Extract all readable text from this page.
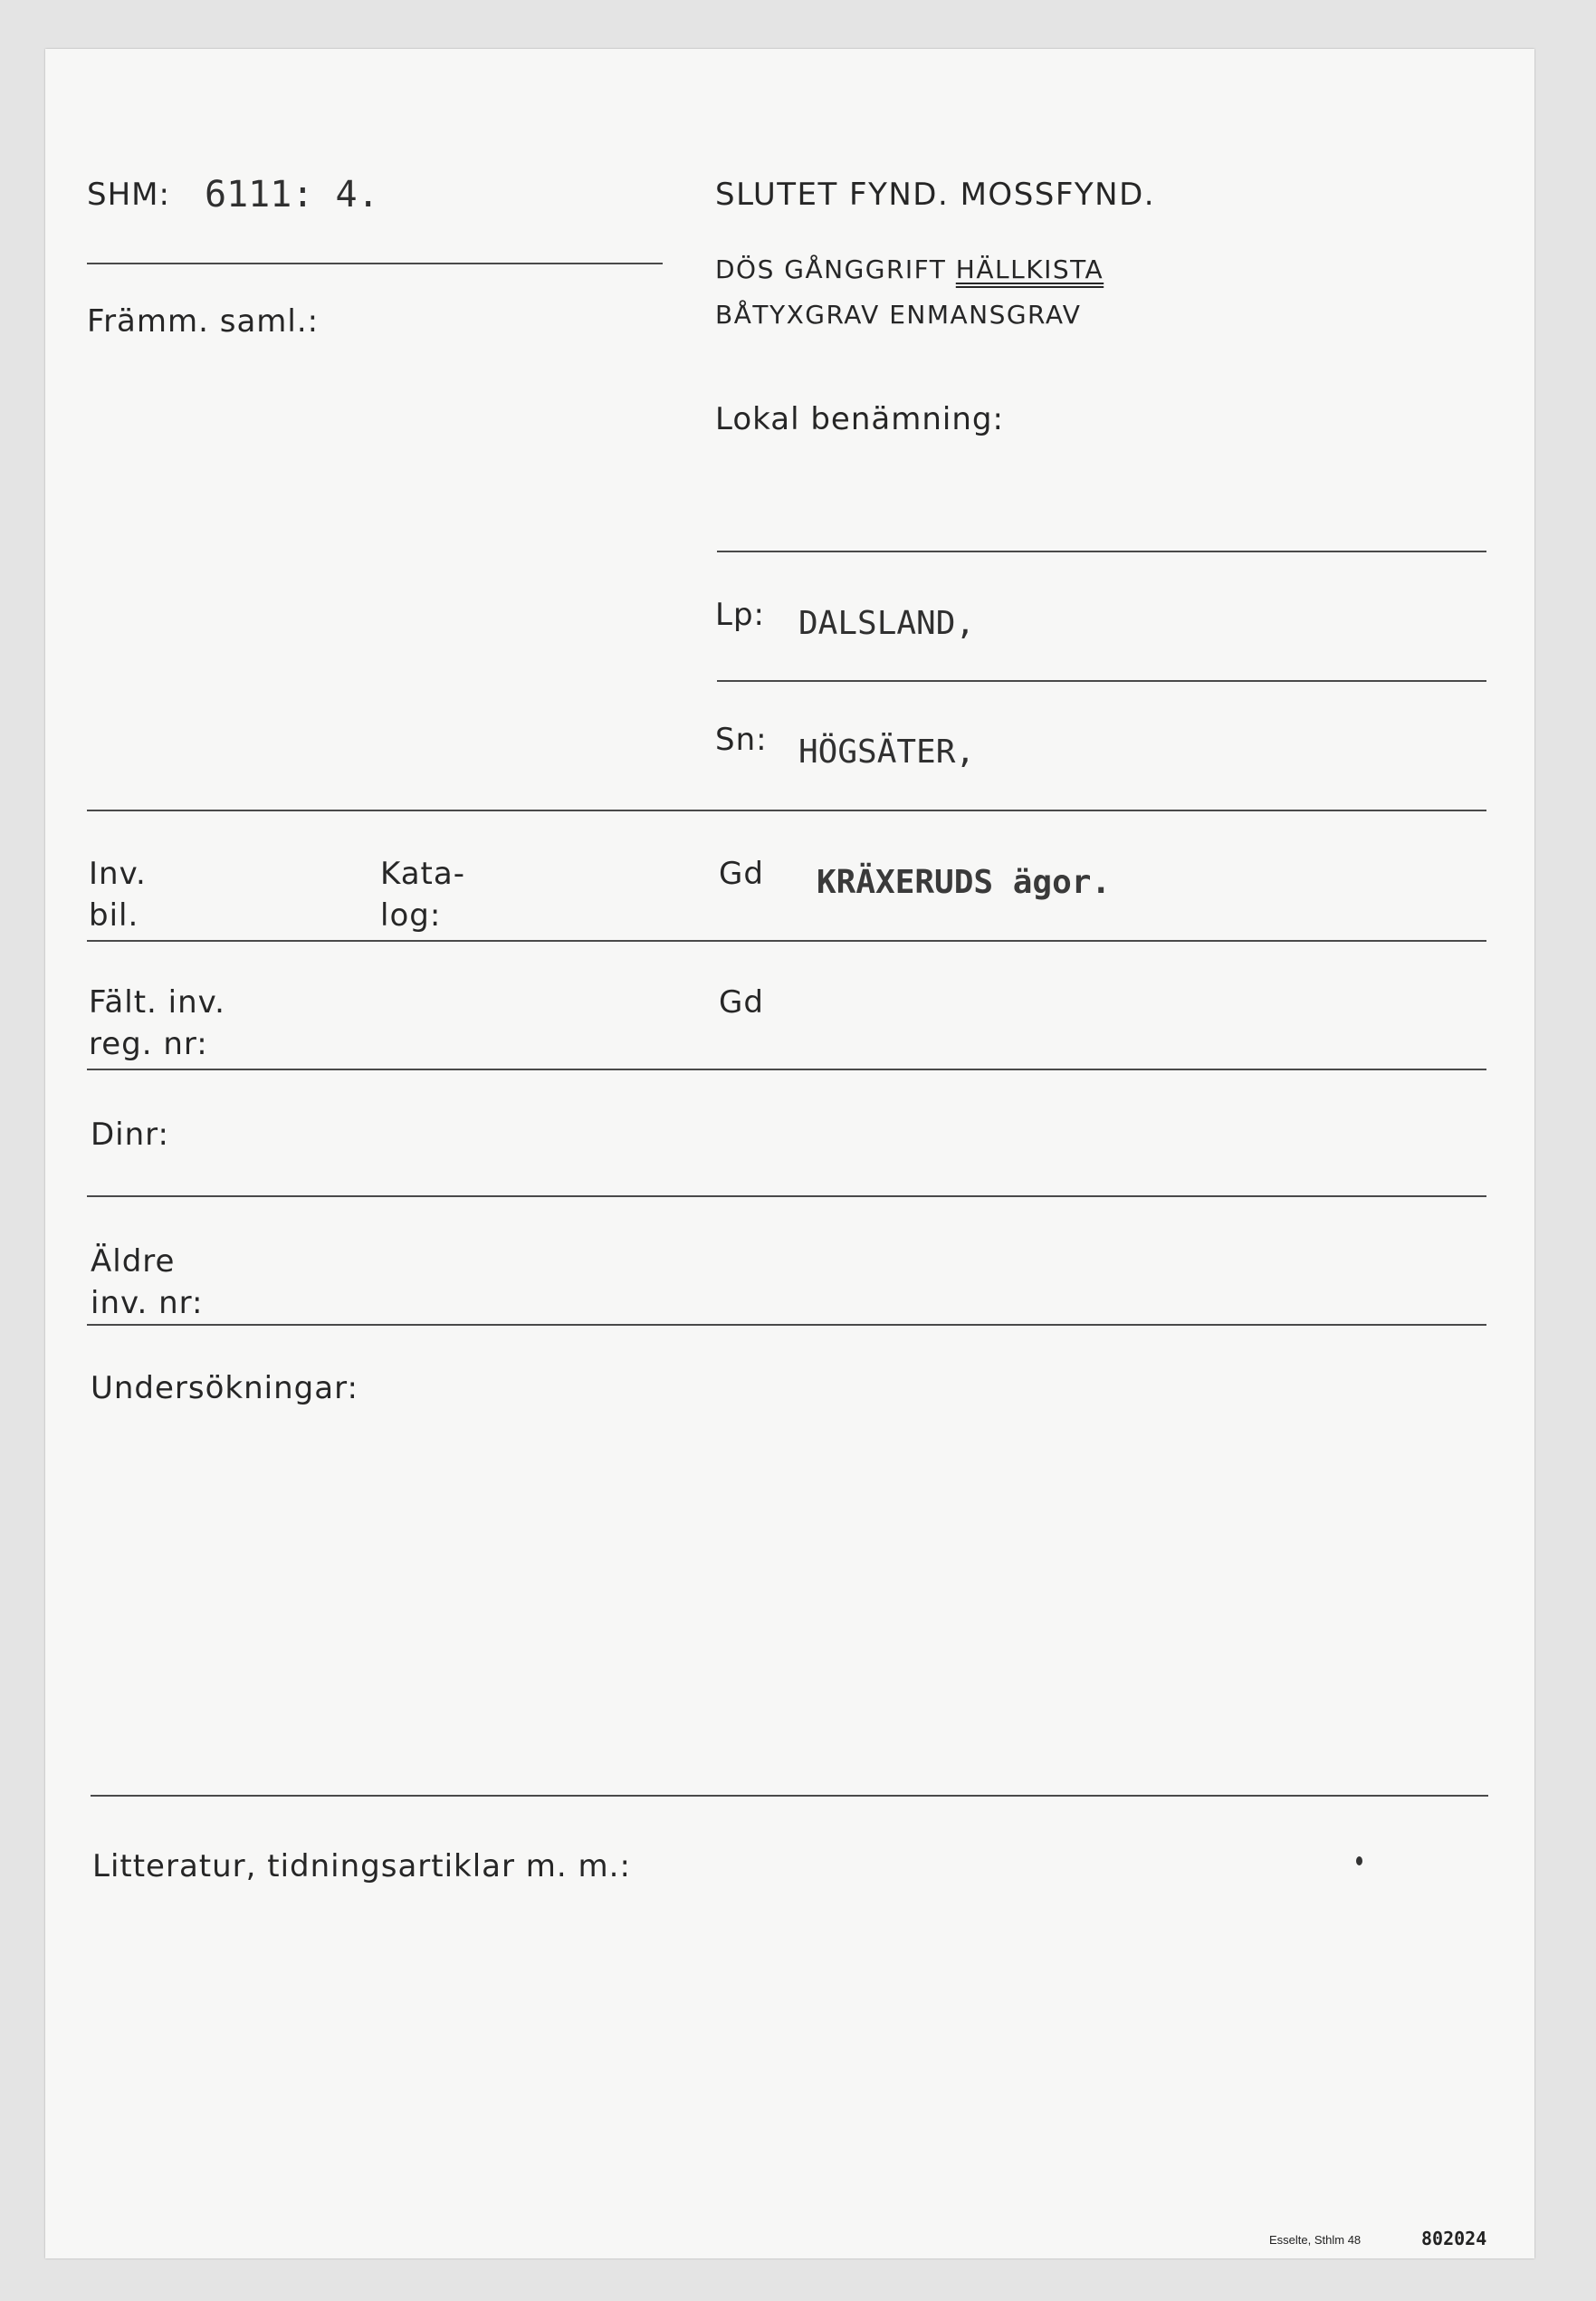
SHM: 6111: 4.
Främm. saml.:
SLUTET FYND. MOSSFYND.
DÖS GÅNGGRIFT HÄLLKISTA
BÅTYXGRAV ENMANSGRAV
Lokal benämning:
Lp: DALSLAND,
Sn: HÖGSÄTER,
Inv.
bil.
Kata-
log:
Gd KRÄXERUDS ägor.
Fält. inv.
reg. nr:
Gd
Dinr:
Äldre
inv. nr:
Undersökningar:
Litteratur, tidningsartiklar m. m.:
Esselte, Sthlm 48	802024
